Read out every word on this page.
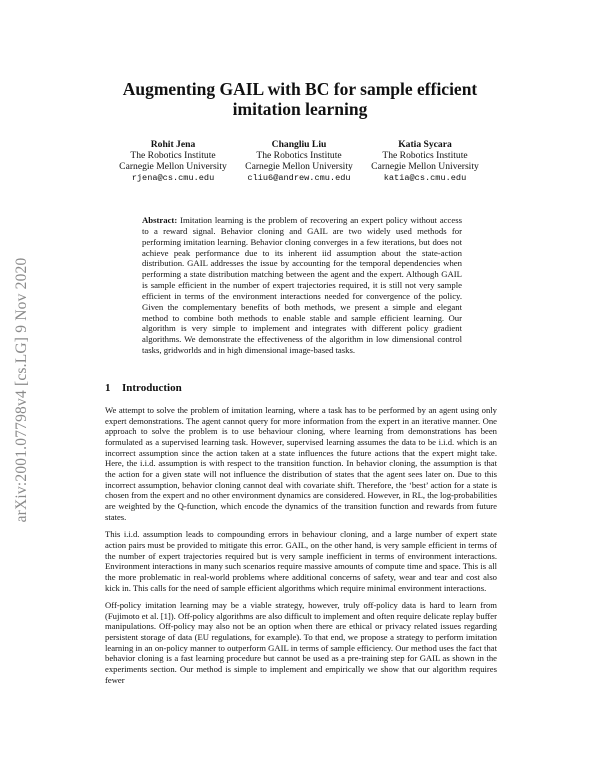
arXiv:2001.07798v4 [cs.LG] 9 Nov 2020
Augmenting GAIL with BC for sample efficient imitation learning
Rohit Jena
The Robotics Institute
Carnegie Mellon University
rjena@cs.cmu.edu
Changliu Liu
The Robotics Institute
Carnegie Mellon University
cliu6@andrew.cmu.edu
Katia Sycara
The Robotics Institute
Carnegie Mellon University
katia@cs.cmu.edu

Abstract: Imitation learning is the problem of recovering an expert policy without access to a reward signal. Behavior cloning and GAIL are two widely used methods for performing imitation learning. Behavior cloning converges in a few iterations, but does not achieve peak performance due to its inherent iid assumption about the state-action distribution. GAIL addresses the issue by accounting for the temporal dependencies when performing a state distribution matching between the agent and the expert. Although GAIL is sample efficient in the number of expert trajectories required, it is still not very sample efficient in terms of the environment interactions needed for convergence of the policy. Given the complementary benefits of both methods, we present a simple and elegant method to combine both methods to enable stable and sample efficient learning. Our algorithm is very simple to implement and integrates with different policy gradient algorithms. We demonstrate the effectiveness of the algorithm in low dimensional control tasks, gridworlds and in high dimensional image-based tasks.

1 Introduction

We attempt to solve the problem of imitation learning, where a task has to be performed by an agent using only expert demonstrations. The agent cannot query for more information from the expert in an iterative manner. One approach to solve the problem is to use behaviour cloning, where learning from demonstrations has been formulated as a supervised learning task. However, supervised learning assumes the data to be i.i.d. which is an incorrect assumption since the action taken at a state influences the future actions that the expert might take. Here, the i.i.d. assumption is with respect to the transition function. In behavior cloning, the assumption is that the action for a given state will not influence the distribution of states that the agent sees later on. Due to this incorrect assumption, behavior cloning cannot deal with covariate shift. Therefore, the ‘best’ action for a state is chosen from the expert and no other environment dynamics are considered. However, in RL, the log-probabilities are weighted by the Q-function, which encode the dynamics of the transition function and rewards from future states.

This i.i.d. assumption leads to compounding errors in behaviour cloning, and a large number of expert state action pairs must be provided to mitigate this error. GAIL, on the other hand, is very sample efficient in terms of the number of expert trajectories required but is very sample inefficient in terms of environment interactions. Environment interactions in many such scenarios require massive amounts of compute time and space. This is all the more problematic in real-world problems where additional concerns of safety, wear and tear and cost also kick in. This calls for the need of sample efficient algorithms which require minimal environment interactions.

Off-policy imitation learning may be a viable strategy, however, truly off-policy data is hard to learn from (Fujimoto et al. [1]). Off-policy algorithms are also difficult to implement and often require delicate replay buffer manipulations. Off-policy may also not be an option when there are ethical or privacy related issues regarding persistent storage of data (EU regulations, for example). To that end, we propose a strategy to perform imitation learning in an on-policy manner to outperform GAIL in terms of sample efficiency. Our method uses the fact that behavior cloning is a fast learning procedure but cannot be used as a pre-training step for GAIL as shown in the experiments section. Our method is simple to implement and empirically we show that our algorithm requires fewer
